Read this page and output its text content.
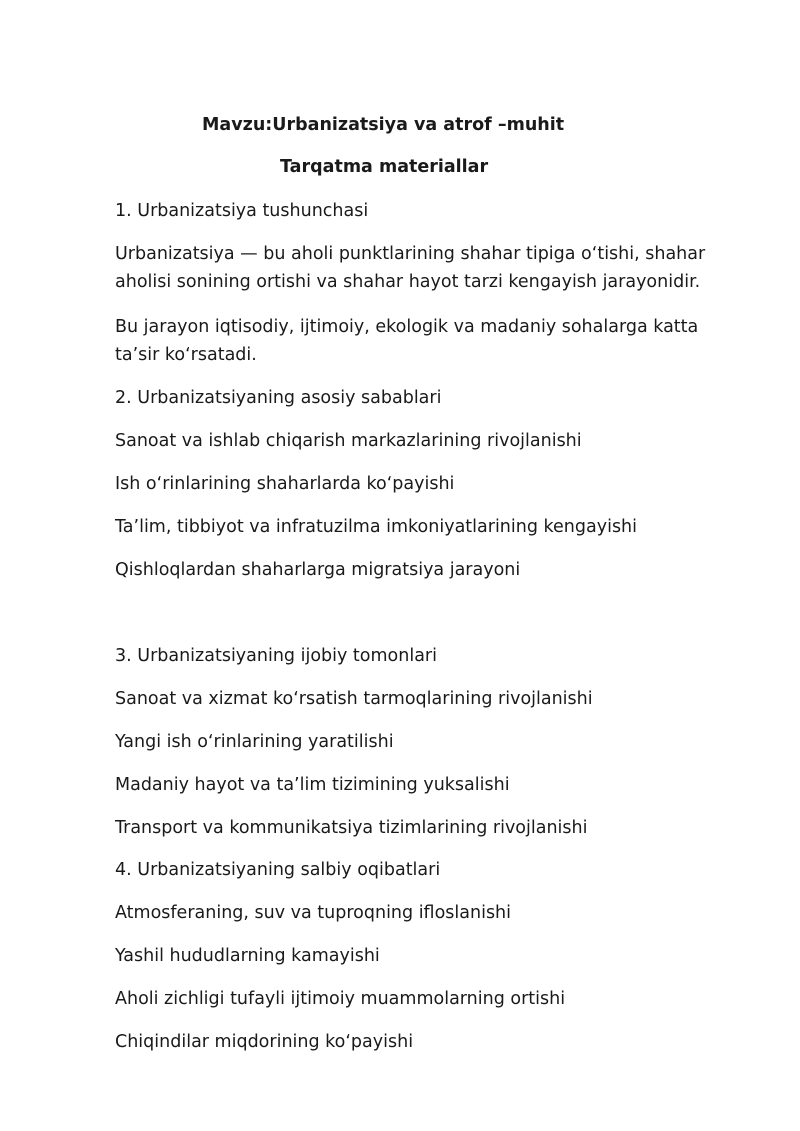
Mavzu:Urbanizatsiya va atrof –muhit
Tarqatma materiallar
1. Urbanizatsiya tushunchasi
Urbanizatsiya — bu aholi punktlarining shahar tipiga o‘tishi, shahar aholisi sonining ortishi va shahar hayot tarzi kengayish jarayonidir.
Bu jarayon iqtisodiy, ijtimoiy, ekologik va madaniy sohalarga katta ta’sir ko‘rsatadi.
2. Urbanizatsiyaning asosiy sabablari
Sanoat va ishlab chiqarish markazlarining rivojlanishi
Ish o‘rinlarining shaharlarda ko‘payishi
Ta’lim, tibbiyot va infratuzilma imkoniyatlarining kengayishi
Qishloqlardan shaharlarga migratsiya jarayoni
3. Urbanizatsiyaning ijobiy tomonlari
Sanoat va xizmat ko‘rsatish tarmoqlarining rivojlanishi
Yangi ish o‘rinlarining yaratilishi
Madaniy hayot va ta’lim tizimining yuksalishi
Transport va kommunikatsiya tizimlarining rivojlanishi
4. Urbanizatsiyaning salbiy oqibatlari
Atmosferaning, suv va tuproqning ifloslanishi
Yashil hududlarning kamayishi
Aholi zichligi tufayli ijtimoiy muammolarning ortishi
Chiqindilar miqdorining ko‘payishi
